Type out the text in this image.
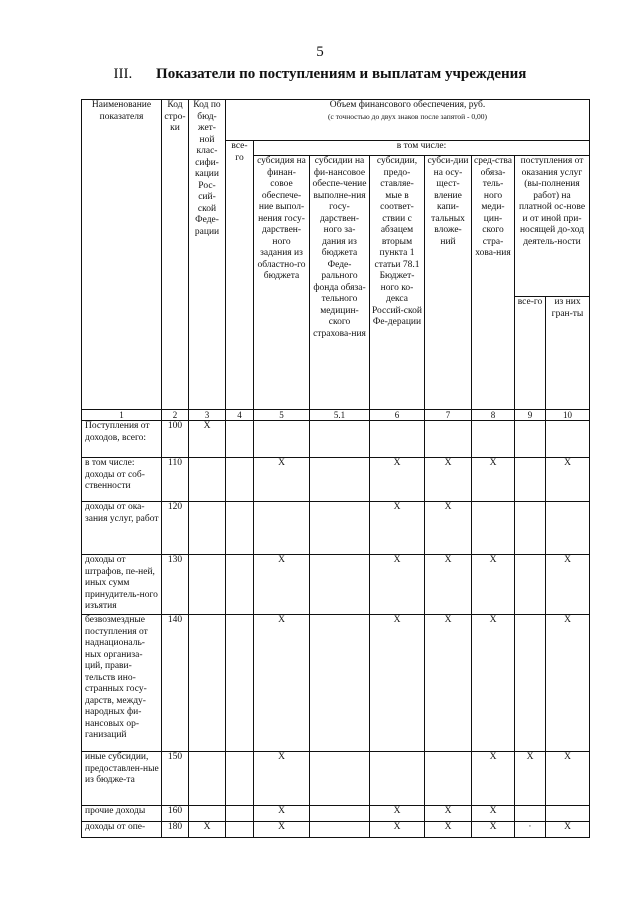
5
III. Показатели по поступлениям и выплатам учреждения
Наименование показателя	Код стро-ки	Код по бюд-жет-ной клас-сифи-кации Рос-сий-ской Феде-рации	Объем финансового обеспечения, руб.
(с точностью до двух знаков после запятой - 0,00)							

			все-го	в том числе:						
				субсидия на финан-совое обеспече-ние выпол-нения госу-дарствен-ного задания из областно-го бюджета	субсидии на фи-нансовое обеспе-чение выполне-ния госу-дарствен-ного за-дания из бюджета Феде-рального фонда обяза-тельного медицин-ского страхова-ния	субсидии, предо-ставляе-мые в соответ-ствии с абзацем вторым пункта 1 статьи 78.1 Бюджет-ного ко-декса Россий-ской Фе-дерации	субси-дии на осу-щест-вление капи-тальных вложе-ний	сред-ства обяза-тель-ного меди-цин-ского стра-хова-ния	поступления от оказания услуг (вы-полнения работ) на платной ос-нове и от иной при-носящей до-ход деятель-ности	
									все-го	из них гран-ты
1	2	3	4	5	5.1	6	7	8	9	10
Поступления от доходов, всего:	100	X								
в том числе: доходы от соб-ственности	110			X		X	X	X		X
доходы от ока-зания услуг, работ	120					X	X			
доходы от штрафов, пе-ней, иных сумм принудитель-ного изъятия	130			X		X	X	X		X
безвозмездные поступления от наднациональ-ных организа-ций, прави-тельств ино-странных госу-дарств, между-народных фи-нансовых ор-ганизаций	140			X		X	X	X		X
иные субсидии, предоставлен-ные из бюдже-та	150			X				X	X	X
прочие доходы	160			X		X	X	X		
доходы от опе-	180	X		X		X	X	X	·	X
